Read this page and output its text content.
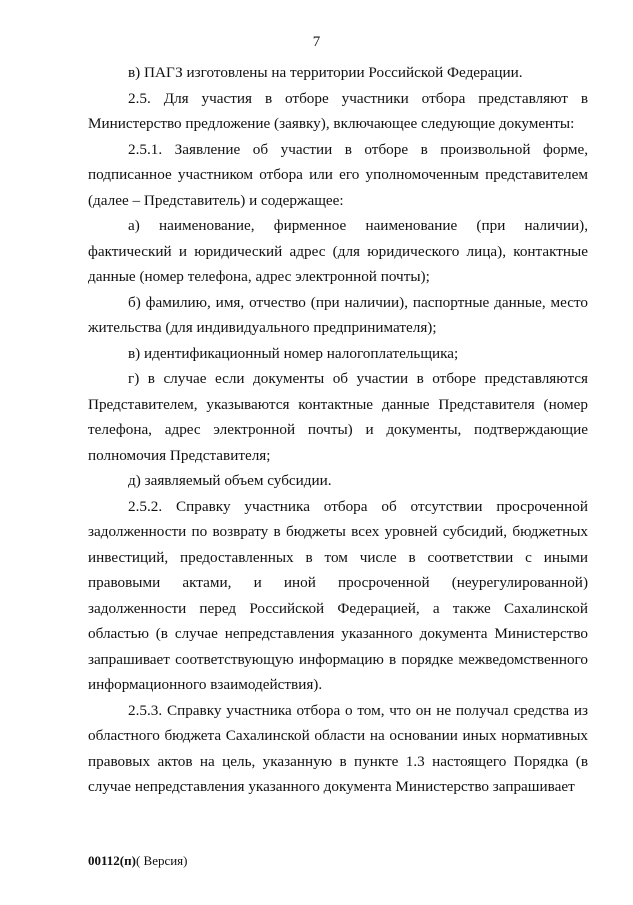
7

в) ПАГЗ изготовлены на территории Российской Федерации.

2.5. Для участия в отборе участники отбора представляют в Министерство предложение (заявку), включающее следующие документы:

2.5.1. Заявление об участии в отборе в произвольной форме, подписанное участником отбора или его уполномоченным представителем (далее – Представитель) и содержащее:

а) наименование, фирменное наименование (при наличии), фактический и юридический адрес (для юридического лица), контактные данные (номер телефона, адрес электронной почты);

б) фамилию, имя, отчество (при наличии), паспортные данные, место жительства (для индивидуального предпринимателя);

в) идентификационный номер налогоплательщика;

г) в случае если документы об участии в отборе представляются Представителем, указываются контактные данные Представителя (номер телефона, адрес электронной почты) и документы, подтверждающие полномочия Представителя;

д) заявляемый объем субсидии.

2.5.2. Справку участника отбора об отсутствии просроченной задолженности по возврату в бюджеты всех уровней субсидий, бюджетных инвестиций, предоставленных в том числе в соответствии с иными правовыми актами, и иной просроченной (неурегулированной) задолженности перед Российской Федерацией, а также Сахалинской областью (в случае непредставления указанного документа Министерство запрашивает соответствующую информацию в порядке межведомственного информационного взаимодействия).

2.5.3. Справку участника отбора о том, что он не получал средства из областного бюджета Сахалинской области на основании иных нормативных правовых актов на цель, указанную в пункте 1.3 настоящего Порядка (в случае непредставления указанного документа Министерство запрашивает

00112(п)( Версия)
